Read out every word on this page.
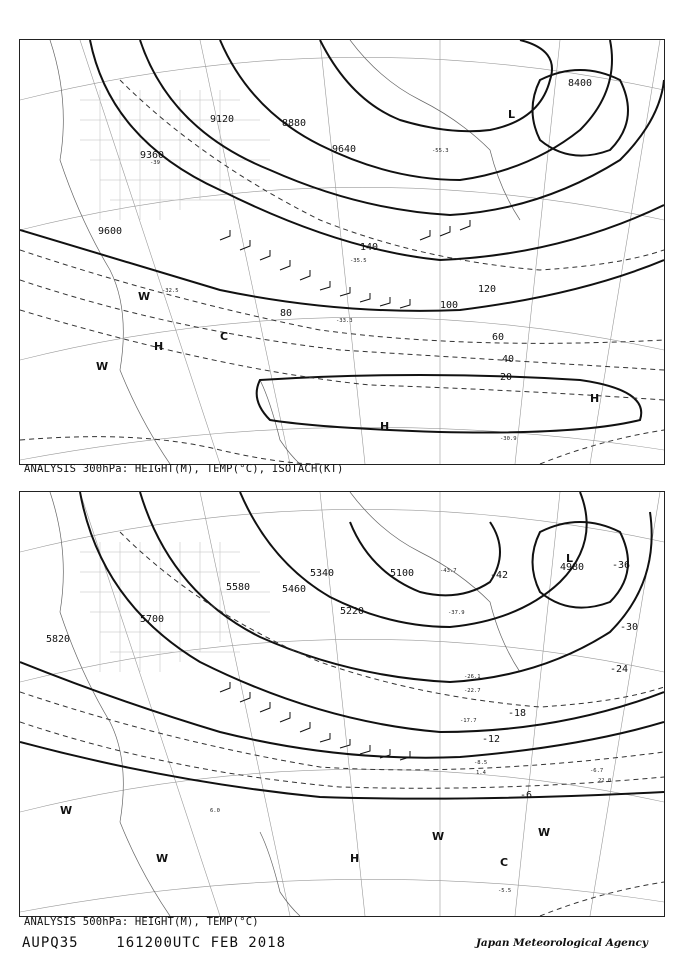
8400
8880
9120
9360
9600
9640
20
40
60
80
100
120
140
-32.5
-33.3
-55.3
-39
-35.5
-30.9
H
H
H
L
C
W
W
ANALYSIS 300hPa: HEIGHT(M), TEMP(°C), ISOTACH(KT)
4980
5100
5220
5340
5460
5580
5700
5820
-42
-36
-30
-24
-18
-12
-6
-43.7
-37.9
-26.1
-22.7
-17.7
-8.5
-6.7
22.0
-5.5
6.0
1.4
H
L
C
W
W
W	W
ANALYSIS 500hPa: HEIGHT(M), TEMP(°C)
AUPQ35	161200UTC FEB 2018	Japan Meteorological Agency
